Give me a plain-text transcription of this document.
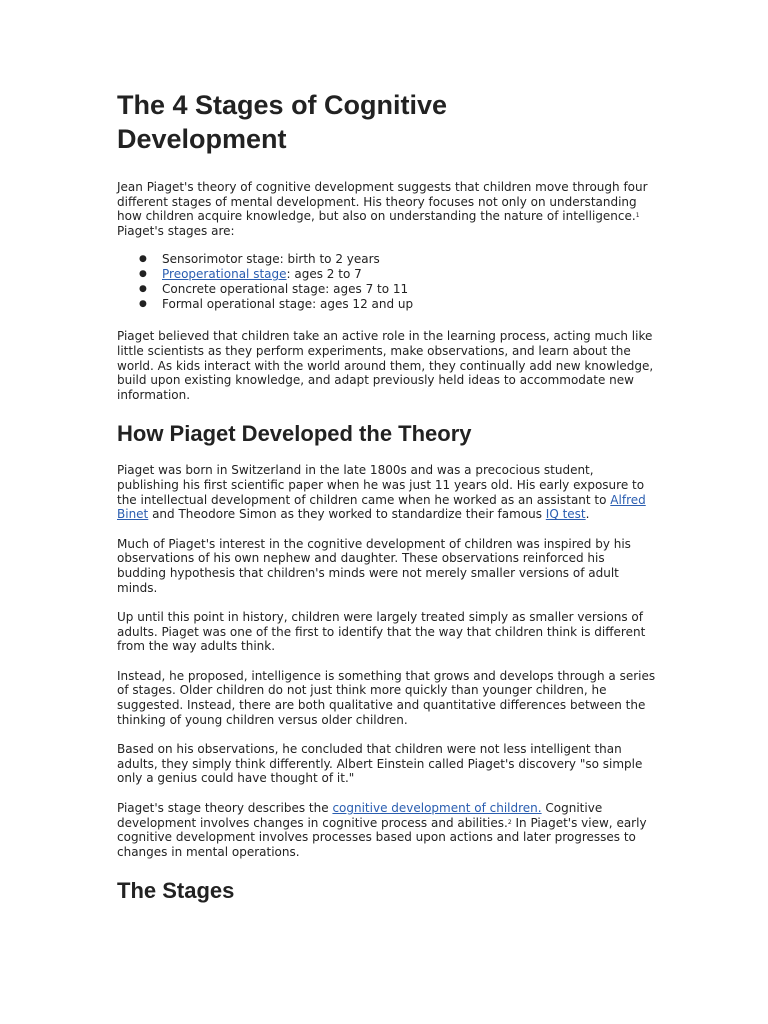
The 4 Stages of Cognitive Development

Jean Piaget's theory of cognitive development suggests that children move through four different stages of mental development. His theory focuses not only on understanding how children acquire knowledge, but also on understanding the nature of intelligence.$^1$ Piaget's stages are:

● Sensorimotor stage: birth to 2 years
● Preoperational stage: ages 2 to 7
● Concrete operational stage: ages 7 to 11
● Formal operational stage: ages 12 and up

Piaget believed that children take an active role in the learning process, acting much like little scientists as they perform experiments, make observations, and learn about the world. As kids interact with the world around them, they continually add new knowledge, build upon existing knowledge, and adapt previously held ideas to accommodate new information.

How Piaget Developed the Theory

Piaget was born in Switzerland in the late 1800s and was a precocious student, publishing his first scientific paper when he was just 11 years old. His early exposure to the intellectual development of children came when he worked as an assistant to Alfred Binet and Theodore Simon as they worked to standardize their famous IQ test.

Much of Piaget's interest in the cognitive development of children was inspired by his observations of his own nephew and daughter. These observations reinforced his budding hypothesis that children's minds were not merely smaller versions of adult minds.

Up until this point in history, children were largely treated simply as smaller versions of adults. Piaget was one of the first to identify that the way that children think is different from the way adults think.

Instead, he proposed, intelligence is something that grows and develops through a series of stages. Older children do not just think more quickly than younger children, he suggested. Instead, there are both qualitative and quantitative differences between the thinking of young children versus older children.

Based on his observations, he concluded that children were not less intelligent than adults, they simply think differently. Albert Einstein called Piaget's discovery "so simple only a genius could have thought of it."

Piaget's stage theory describes the cognitive development of children. Cognitive development involves changes in cognitive process and abilities.$^2$ In Piaget's view, early cognitive development involves processes based upon actions and later progresses to changes in mental operations.

The Stages
